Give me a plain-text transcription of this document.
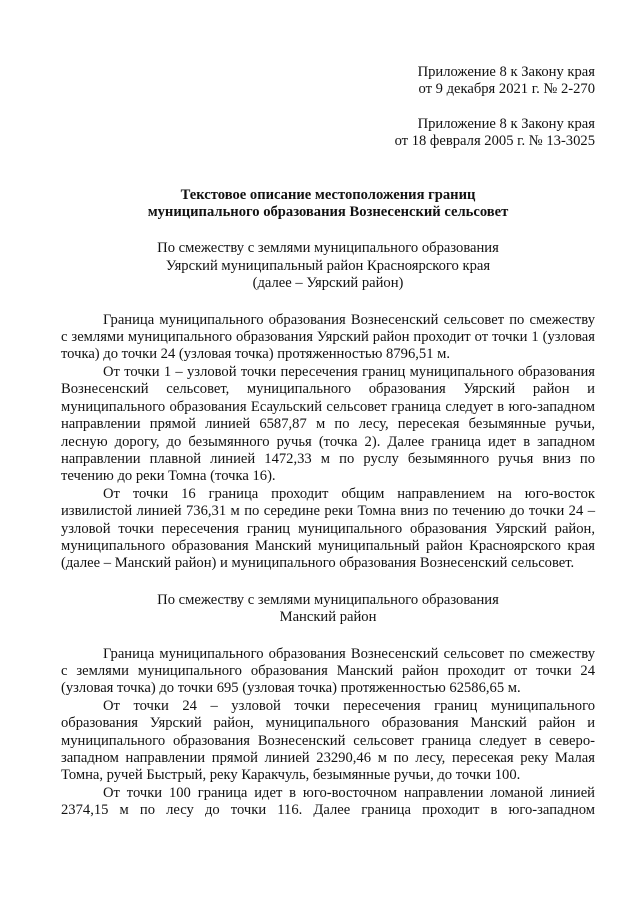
Приложение 8 к Закону края
от 9 декабря 2021 г. № 2-270
Приложение 8 к Закону края
от 18 февраля 2005 г. № 13-3025
Текстовое описание местоположения границ
муниципального образования Вознесенский сельсовет
По смежеству с землями муниципального образования
Уярский муниципальный район Красноярского края
(далее – Уярский район)

Граница муниципального образования Вознесенский сельсовет по смежеству с землями муниципального образования Уярский район проходит от точки 1 (узловая точка) до точки 24 (узловая точка) протяженностью 8796,51 м.

От точки 1 – узловой точки пересечения границ муниципального образования Вознесенский сельсовет, муниципального образования Уярский район и муниципального образования Есаульский сельсовет граница следует в юго-западном направлении прямой линией 6587,87 м по лесу, пересекая безымянные ручьи, лесную дорогу, до безымянного ручья (точка 2). Далее граница идет в западном направлении плавной линией 1472,33 м по руслу безымянного ручья вниз по течению до реки Томна (точка 16).

От точки 16 граница проходит общим направлением на юго-восток извилистой линией 736,31 м по середине реки Томна вниз по течению до точки 24 – узловой точки пересечения границ муниципального образования Уярский район, муниципального образования Манский муниципальный район Красноярского края (далее – Манский район) и муниципального образования Вознесенский сельсовет.

По смежеству с землями муниципального образования
Манский район

Граница муниципального образования Вознесенский сельсовет по смежеству с землями муниципального образования Манский район проходит от точки 24 (узловая точка) до точки 695 (узловая точка) протяженностью 62586,65 м.

От точки 24 – узловой точки пересечения границ муниципального образования Уярский район, муниципального образования Манский район и муниципального образования Вознесенский сельсовет граница следует в северо-западном направлении прямой линией 23290,46 м по лесу, пересекая реку Малая Томна, ручей Быстрый, реку Каракчуль, безымянные ручьи, до точки 100.

От точки 100 граница идет в юго-восточном направлении ломаной линией 2374,15 м по лесу до точки 116. Далее граница проходит в юго-западном
